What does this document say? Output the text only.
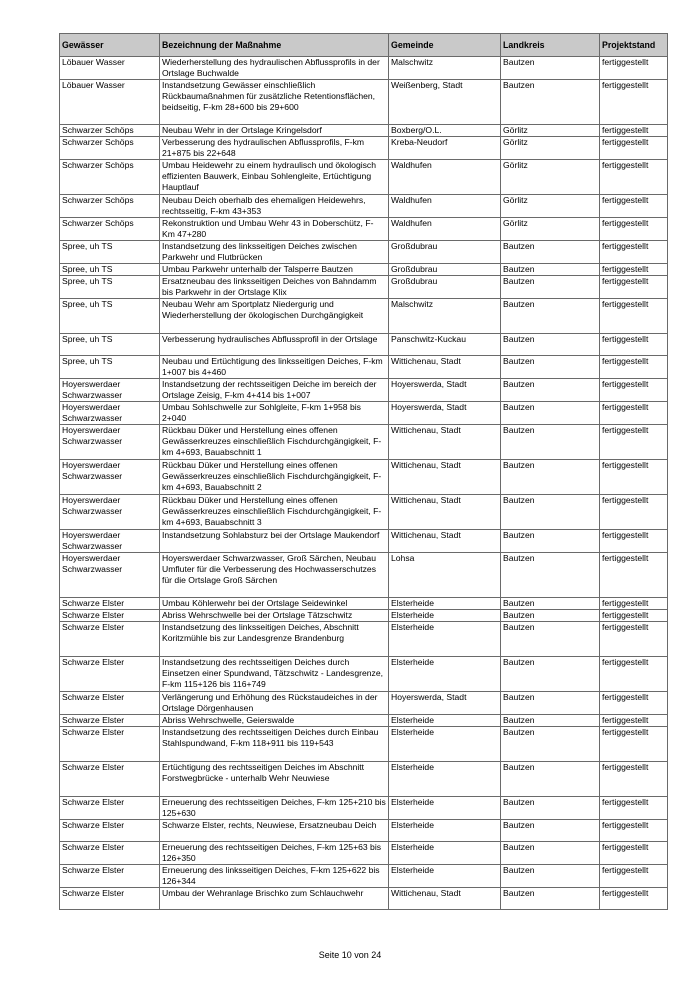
Gewässer	Bezeichnung der Maßnahme	Gemeinde	Landkreis	Projektstand
Löbauer Wasser	Wiederherstellung des hydraulischen Abflussprofils in der Ortslage Buchwalde	Malschwitz	Bautzen	fertiggestellt
Löbauer Wasser	Instandsetzung Gewässer einschließlich Rückbaumaßnahmen für zusätzliche Retentionsflächen, beidseitig, F-km 28+600 bis 29+600	Weißenberg, Stadt	Bautzen	fertiggestellt
Schwarzer Schöps	Neubau Wehr in der Ortslage Kringelsdorf	Boxberg/O.L.	Görlitz	fertiggestellt
Schwarzer Schöps	Verbesserung des hydraulischen Abflussprofils, F-km 21+875 bis 22+648	Kreba-Neudorf	Görlitz	fertiggestellt
Schwarzer Schöps	Umbau Heidewehr zu einem hydraulisch und ökologisch effizienten Bauwerk, Einbau Sohlengleite, Ertüchtigung Hauptlauf	Waldhufen	Görlitz	fertiggestellt
Schwarzer Schöps	Neubau Deich oberhalb des ehemaligen Heidewehrs, rechtsseitig, F-km 43+353	Waldhufen	Görlitz	fertiggestellt
Schwarzer Schöps	Rekonstruktion und Umbau Wehr 43 in Doberschütz, F-Km 47+280	Waldhufen	Görlitz	fertiggestellt
Spree, uh TS	Instandsetzung des linksseitigen Deiches zwischen Parkwehr und Flutbrücken	Großdubrau	Bautzen	fertiggestellt
Spree, uh TS	Umbau Parkwehr unterhalb der Talsperre Bautzen	Großdubrau	Bautzen	fertiggestellt
Spree, uh TS	Ersatzneubau des linksseitigen Deiches von Bahndamm bis Parkwehr in der Ortslage Klix	Großdubrau	Bautzen	fertiggestellt
Spree, uh TS	Neubau Wehr am Sportplatz Niedergurig und Wiederherstellung der ökologischen Durchgängigkeit	Malschwitz	Bautzen	fertiggestellt
Spree, uh TS	Verbesserung hydraulisches Abflussprofil in der Ortslage	Panschwitz-Kuckau	Bautzen	fertiggestellt
Spree, uh TS	Neubau und Ertüchtigung des linksseitigen Deiches, F-km 1+007 bis 4+460	Wittichenau, Stadt	Bautzen	fertiggestellt
Hoyerswerdaer Schwarzwasser	Instandsetzung der rechtsseitigen Deiche im bereich der Ortslage Zeisig, F-km 4+414 bis 1+007	Hoyerswerda, Stadt	Bautzen	fertiggestellt
Hoyerswerdaer Schwarzwasser	Umbau Sohlschwelle zur Sohlgleite, F-km 1+958 bis 2+040	Hoyerswerda, Stadt	Bautzen	fertiggestellt
Hoyerswerdaer Schwarzwasser	Rückbau Düker und Herstellung eines offenen Gewässerkreuzes einschließlich Fischdurchgängigkeit, F-km 4+693, Bauabschnitt 1	Wittichenau, Stadt	Bautzen	fertiggestellt
Hoyerswerdaer Schwarzwasser	Rückbau Düker und Herstellung eines offenen Gewässerkreuzes einschließlich Fischdurchgängigkeit, F-km 4+693, Bauabschnitt 2	Wittichenau, Stadt	Bautzen	fertiggestellt
Hoyerswerdaer Schwarzwasser	Rückbau Düker und Herstellung eines offenen Gewässerkreuzes einschließlich Fischdurchgängigkeit, F-km 4+693, Bauabschnitt 3	Wittichenau, Stadt	Bautzen	fertiggestellt
Hoyerswerdaer Schwarzwasser	Instandsetzung Sohlabsturz bei der Ortslage Maukendorf	Wittichenau, Stadt	Bautzen	fertiggestellt
Hoyerswerdaer Schwarzwasser	Hoyerswerdaer Schwarzwasser, Groß Särchen, Neubau Umfluter für die Verbesserung des Hochwasserschutzes für die Ortslage Groß Särchen	Lohsa	Bautzen	fertiggestellt
Schwarze Elster	Umbau Köhlerwehr bei der Ortslage Seidewinkel	Elsterheide	Bautzen	fertiggestellt
Schwarze Elster	Abriss Wehrschwelle bei der Ortslage Tätzschwitz	Elsterheide	Bautzen	fertiggestellt
Schwarze Elster	Instandsetzung des linksseitigen Deiches, Abschnitt Koritzmühle bis zur Landesgrenze Brandenburg	Elsterheide	Bautzen	fertiggestellt
Schwarze Elster	Instandsetzung des rechtsseitigen Deiches durch Einsetzen einer Spundwand, Tätzschwitz - Landesgrenze, F-km 115+126 bis 116+749	Elsterheide	Bautzen	fertiggestellt
Schwarze Elster	Verlängerung und Erhöhung des Rückstaudeiches in der Ortslage Dörgenhausen	Hoyerswerda, Stadt	Bautzen	fertiggestellt
Schwarze Elster	Abriss Wehrschwelle, Geierswalde	Elsterheide	Bautzen	fertiggestellt
Schwarze Elster	Instandsetzung des rechtsseitigen Deiches durch Einbau Stahlspundwand, F-km 118+911 bis 119+543	Elsterheide	Bautzen	fertiggestellt
Schwarze Elster	Ertüchtigung des rechtsseitigen Deiches im Abschnitt Forstwegbrücke - unterhalb Wehr Neuwiese	Elsterheide	Bautzen	fertiggestellt
Schwarze Elster	Erneuerung des rechtsseitigen Deiches, F-km 125+210 bis 125+630	Elsterheide	Bautzen	fertiggestellt
Schwarze Elster	Schwarze Elster, rechts, Neuwiese, Ersatzneubau Deich	Elsterheide	Bautzen	fertiggestellt
Schwarze Elster	Erneuerung des rechtsseitigen Deiches, F-km 125+63 bis 126+350	Elsterheide	Bautzen	fertiggestellt
Schwarze Elster	Erneuerung des linksseitigen Deiches, F-km 125+622 bis 126+344	Elsterheide	Bautzen	fertiggestellt
Schwarze Elster	Umbau der Wehranlage Brischko zum Schlauchwehr	Wittichenau, Stadt	Bautzen	fertiggestellt
Seite 10 von 24
